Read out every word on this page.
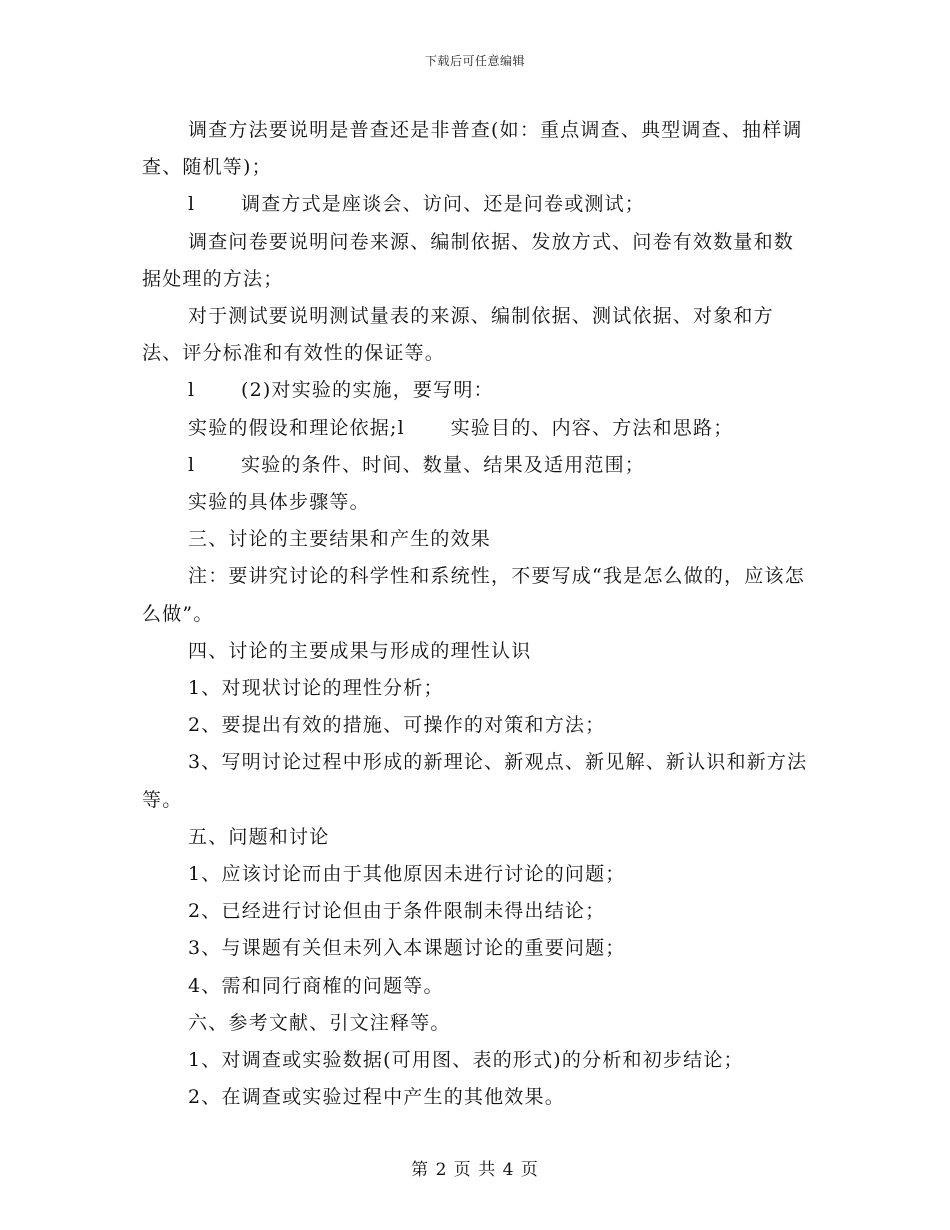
下载后可任意编辑

调查方法要说明是普查还是非普查(如：重点调查、典型调查、抽样调查、随机等)；

l 调查方式是座谈会、访问、还是问卷或测试；

调查问卷要说明问卷来源、编制依据、发放方式、问卷有效数量和数据处理的方法；

对于测试要说明测试量表的来源、编制依据、测试依据、对象和方法、评分标准和有效性的保证等。

l (2)对实验的实施，要写明：

实验的假设和理论依据;l 实验目的、内容、方法和思路；

l 实验的条件、时间、数量、结果及适用范围；

实验的具体步骤等。

三、讨论的主要结果和产生的效果

注：要讲究讨论的科学性和系统性，不要写成“我是怎么做的，应该怎么做”。

四、讨论的主要成果与形成的理性认识

1、对现状讨论的理性分析；

2、要提出有效的措施、可操作的对策和方法；

3、写明讨论过程中形成的新理论、新观点、新见解、新认识和新方法等。

五、问题和讨论

1、应该讨论而由于其他原因未进行讨论的问题；

2、已经进行讨论但由于条件限制未得出结论；

3、与课题有关但未列入本课题讨论的重要问题；

4、需和同行商榷的问题等。

六、参考文献、引文注释等。

1、对调查或实验数据(可用图、表的形式)的分析和初步结论；

2、在调查或实验过程中产生的其他效果。

第 2 页 共 4 页
